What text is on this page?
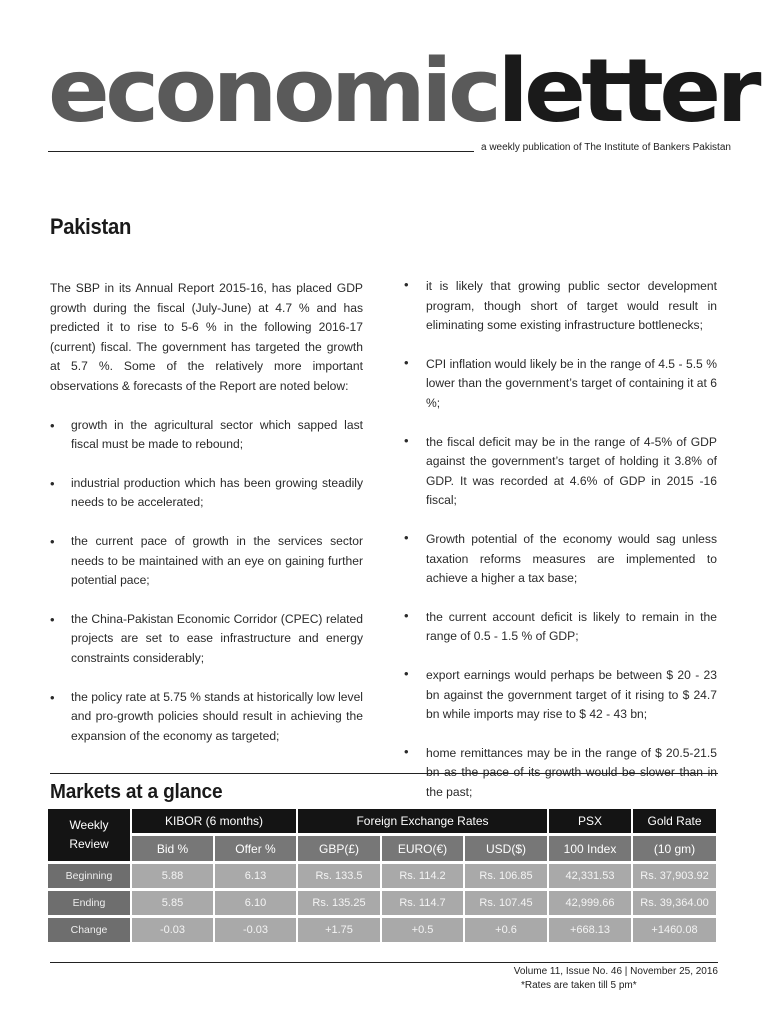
economicletter
a weekly publication of The Institute of Bankers Pakistan
Pakistan

The SBP in its Annual Report 2015-16, has placed GDP growth during the fiscal (July-June) at 4.7 % and has predicted it to rise to 5-6 % in the following 2016-17 (current) fiscal. The government has targeted the growth at 5.7 %. Some of the relatively more important observations & forecasts of the Report are noted below:

• growth in the agricultural sector which sapped last fiscal must be made to rebound;
• industrial production which has been growing steadily needs to be accelerated;
• the current pace of growth in the services sector needs to be maintained with an eye on gaining further potential pace;
• the China-Pakistan Economic Corridor (CPEC) related projects are set to ease infrastructure and energy constraints considerably;
• the policy rate at 5.75 % stands at historically low level and pro-growth policies should result in achieving the expansion of the economy as targeted;
• it is likely that growing public sector development program, though short of target would result in eliminating some existing infrastructure bottlenecks;
• CPI inflation would likely be in the range of 4.5 - 5.5 % lower than the government’s target of containing it at 6 %;
• the fiscal deficit may be in the range of 4-5% of GDP against the government’s target of holding it 3.8% of GDP. It was recorded at 4.6% of GDP in 2015 -16 fiscal;
• Growth potential of the economy would sag unless taxation reforms measures are implemented to achieve a higher a tax base;
• the current account deficit is likely to remain in the range of 0.5 - 1.5 % of GDP;
• export earnings would perhaps be between $ 20 - 23 bn against the government target of it rising to $ 24.7 bn while imports may rise to $ 42 - 43 bn;
• home remittances may be in the range of $ 20.5-21.5 bn as the pace of its growth would be slower than in the past;
Markets at a glance
Weekly
Review
KIBOR (6 months)	Foreign Exchange Rates	PSX	Gold Rate
Bid %	Offer %	GBP(£)	EURO(€)	USD($)	100 Index	(10 gm)
Beginning	5.88	6.13	Rs. 133.5	Rs. 114.2	Rs. 106.85	42,331.53	Rs. 37,903.92
Ending	5.85	6.10	Rs. 135.25	Rs. 114.7	Rs. 107.45	42,999.66	Rs. 39,364.00
Change	-0.03	-0.03	+1.75	+0.5	+0.6	+668.13	+1460.08
Volume 11, Issue No. 46 | November 25, 2016
*Rates are taken till 5 pm*
